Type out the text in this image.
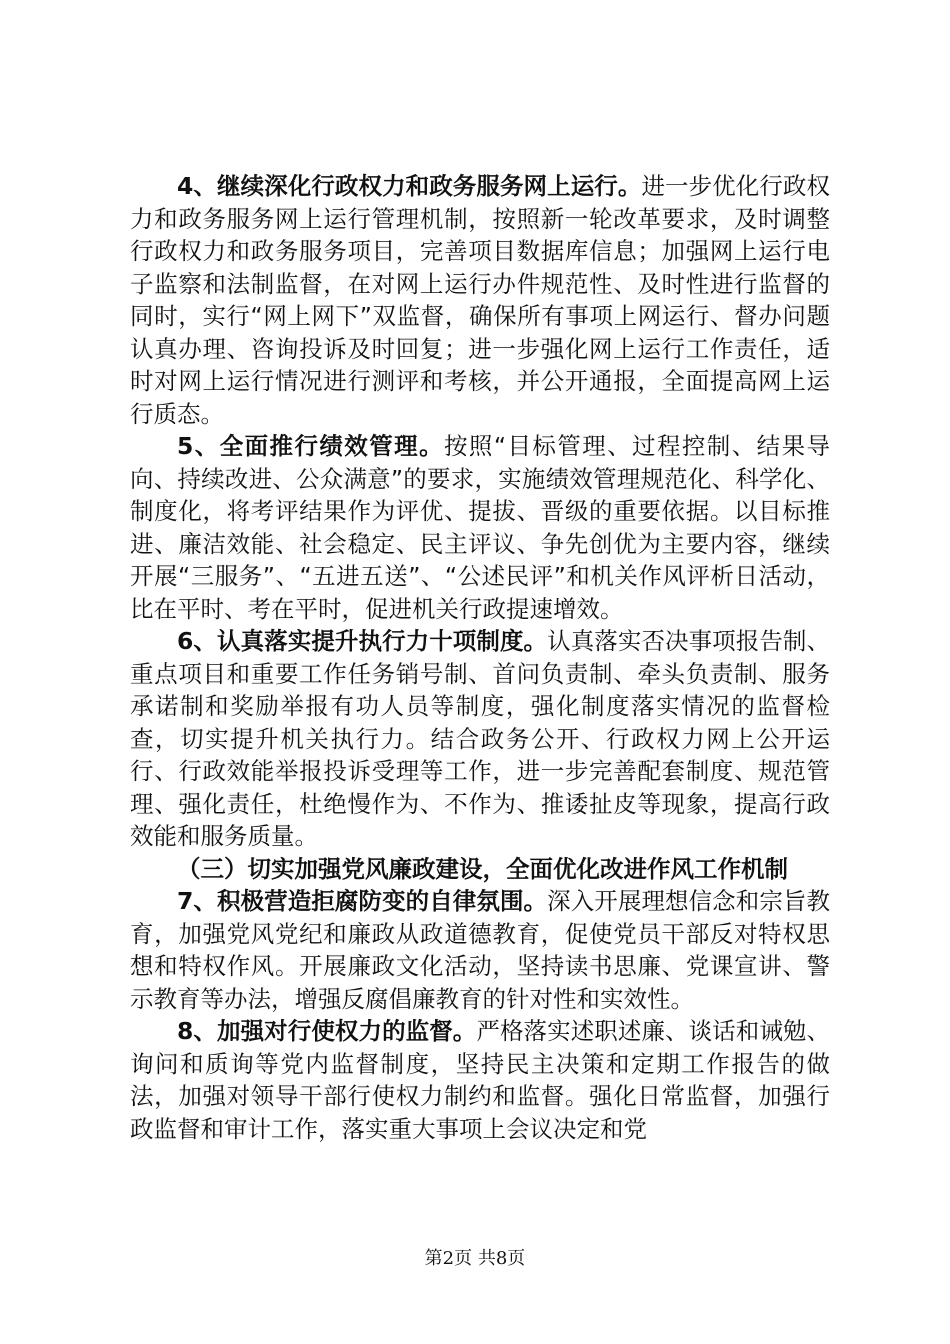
4、继续深化行政权力和政务服务网上运行。进一步优化行政权力和政务服务网上运行管理机制，按照新一轮改革要求，及时调整行政权力和政务服务项目，完善项目数据库信息；加强网上运行电子监察和法制监督，在对网上运行办件规范性、及时性进行监督的同时，实行“网上网下”双监督，确保所有事项上网运行、督办问题认真办理、咨询投诉及时回复；进一步强化网上运行工作责任，适时对网上运行情况进行测评和考核，并公开通报，全面提高网上运行质态。

5、全面推行绩效管理。按照“目标管理、过程控制、结果导向、持续改进、公众满意”的要求，实施绩效管理规范化、科学化、制度化，将考评结果作为评优、提拔、晋级的重要依据。以目标推进、廉洁效能、社会稳定、民主评议、争先创优为主要内容，继续开展“三服务”、“五进五送”、“公述民评”和机关作风评析日活动，比在平时、考在平时，促进机关行政提速增效。

6、认真落实提升执行力十项制度。认真落实否决事项报告制、重点项目和重要工作任务销号制、首问负责制、牵头负责制、服务承诺制和奖励举报有功人员等制度，强化制度落实情况的监督检查，切实提升机关执行力。结合政务公开、行政权力网上公开运行、行政效能举报投诉受理等工作，进一步完善配套制度、规范管理、强化责任，杜绝慢作为、不作为、推诿扯皮等现象，提高行政效能和服务质量。

（三）切实加强党风廉政建设，全面优化改进作风工作机制

7、积极营造拒腐防变的自律氛围。深入开展理想信念和宗旨教育，加强党风党纪和廉政从政道德教育，促使党员干部反对特权思想和特权作风。开展廉政文化活动，坚持读书思廉、党课宣讲、警示教育等办法，增强反腐倡廉教育的针对性和实效性。

8、加强对行使权力的监督。严格落实述职述廉、谈话和诫勉、询问和质询等党内监督制度，坚持民主决策和定期工作报告的做法，加强对领导干部行使权力制约和监督。强化日常监督，加强行政监督和审计工作，落实重大事项上会议决定和党

第2页 共8页
